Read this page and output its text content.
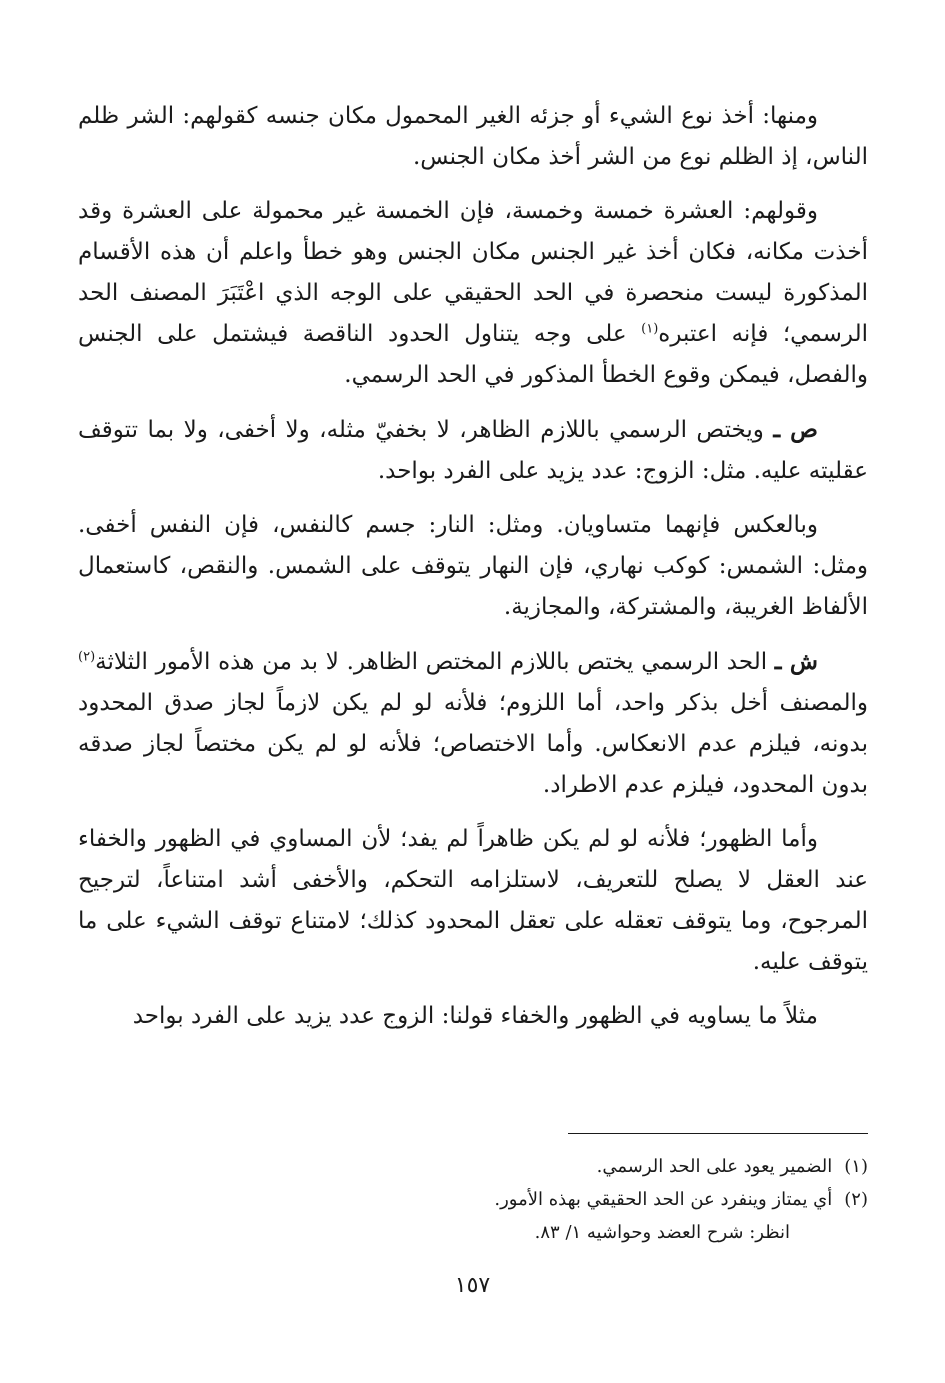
ومنها: أخذ نوع الشيء أو جزئه الغير المحمول مكان جنسه كقولهم: الشر ظلم الناس، إذ الظلم نوع من الشر أخذ مكان الجنس.

وقولهم: العشرة خمسة وخمسة، فإن الخمسة غير محمولة على العشرة وقد أخذت مكانه، فكان أخذ غير الجنس مكان الجنس وهو خطأ واعلم أن هذه الأقسام المذكورة ليست منحصرة في الحد الحقيقي على الوجه الذي اعْتَبَرَ المصنف الحد الرسمي؛ فإنه اعتبره$^{(١)}$ على وجه يتناول الحدود الناقصة فيشتمل على الجنس والفصل، فيمكن وقوع الخطأ المذكور في الحد الرسمي.

ص ـ ويختص الرسمي باللازم الظاهر، لا بخفيّ مثله، ولا أخفى، ولا بما تتوقف عقليته عليه. مثل: الزوج: عدد يزيد على الفرد بواحد.

وبالعكس فإنهما متساويان. ومثل: النار: جسم كالنفس، فإن النفس أخفى. ومثل: الشمس: كوكب نهاري، فإن النهار يتوقف على الشمس. والنقص، كاستعمال الألفاظ الغريبة، والمشتركة، والمجازية.

ش ـ الحد الرسمي يختص باللازم المختص الظاهر. لا بد من هذه الأمور الثلاثة$^{(٢)}$ والمصنف أخل بذكر واحد، أما اللزوم؛ فلأنه لو لم يكن لازماً لجاز صدق المحدود بدونه، فيلزم عدم الانعكاس. وأما الاختصاص؛ فلأنه لو لم يكن مختصاً لجاز صدقه بدون المحدود، فيلزم عدم الاطراد.

وأما الظهور؛ فلأنه لو لم يكن ظاهراً لم يفد؛ لأن المساوي في الظهور والخفاء عند العقل لا يصلح للتعريف، لاستلزامه التحكم، والأخفى أشد امتناعاً، لترجيح المرجوح، وما يتوقف تعقله على تعقل المحدود كذلك؛ لامتناع توقف الشيء على ما يتوقف عليه.

مثلاً ما يساويه في الظهور والخفاء قولنا: الزوج عدد يزيد على الفرد بواحد

(١) الضمير يعود على الحد الرسمي.

(٢) أي يمتاز وينفرد عن الحد الحقيقي بهذه الأمور.

انظر: شرح العضد وحواشيه ١/ ٨٣.

١٥٧
